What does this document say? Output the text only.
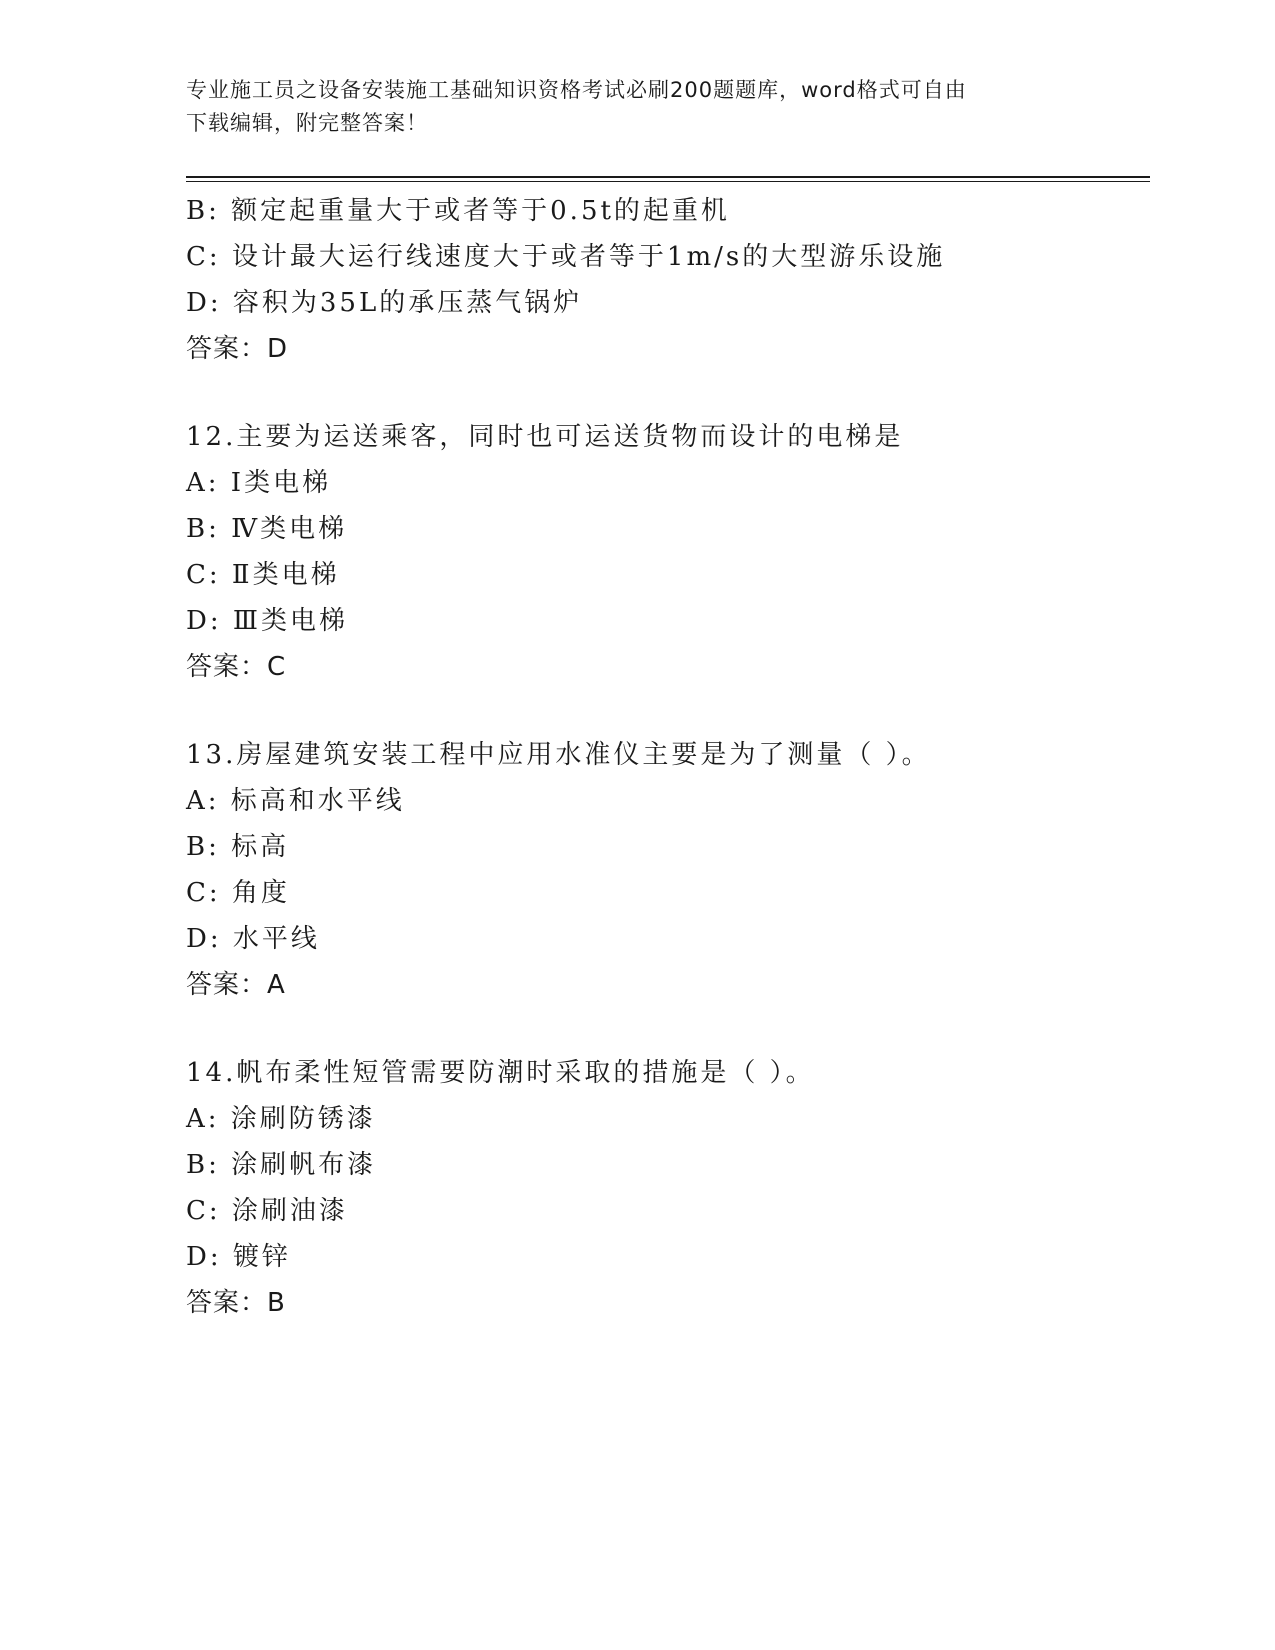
专业施工员之设备安装施工基础知识资格考试必刷200题题库，word格式可自由
下载编辑，附完整答案！
B: 额定起重量大于或者等于0.5t的起重机
C: 设计最大运行线速度大于或者等于1m/s的大型游乐设施
D: 容积为35L的承压蒸气锅炉
答案：D
12.主要为运送乘客，同时也可运送货物而设计的电梯是
A: Ⅰ类电梯
B: Ⅳ类电梯
C: Ⅱ类电梯
D: Ⅲ类电梯
答案：C
13.房屋建筑安装工程中应用水准仪主要是为了测量（ ）。
A: 标高和水平线
B: 标高
C: 角度
D: 水平线
答案：A
14.帆布柔性短管需要防潮时采取的措施是（ ）。
A: 涂刷防锈漆
B: 涂刷帆布漆
C: 涂刷油漆
D: 镀锌
答案：B
